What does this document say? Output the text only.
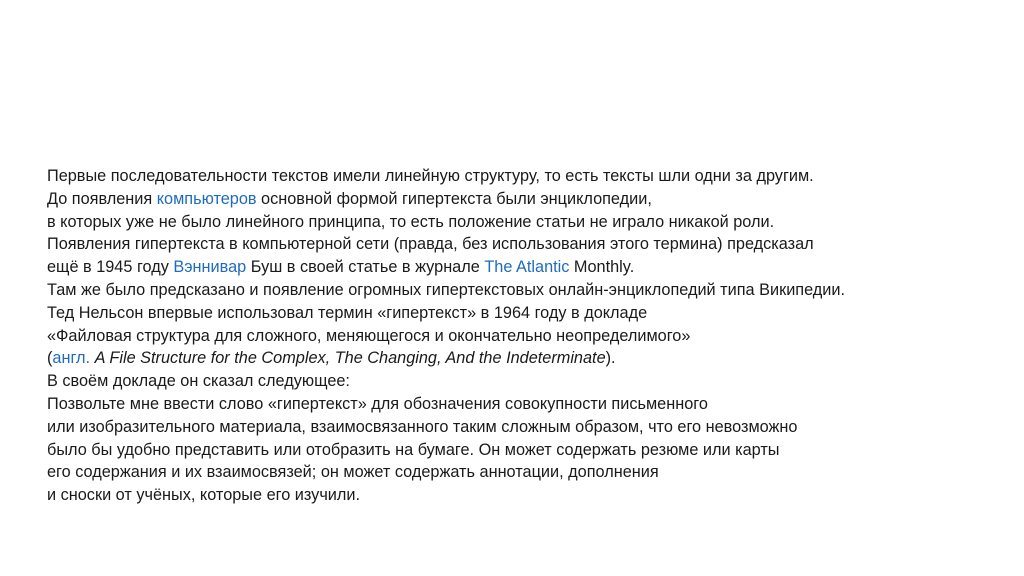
Первые последовательности текстов имели линейную структуру, то есть тексты шли одни за другим.
До появления компьютеров основной формой гипертекста были энциклопедии,
в которых уже не было линейного принципа, то есть положение статьи не играло никакой роли.
Появления гипертекста в компьютерной сети (правда, без использования этого термина) предсказал
ещё в 1945 году Вэннивар Буш в своей статье в журнале The Atlantic Monthly.
Там же было предсказано и появление огромных гипертекстовых онлайн-энциклопедий типа Википедии.
Тед Нельсон впервые использовал термин «гипертекст» в 1964 году в докладе
«Файловая структура для сложного, меняющегося и окончательно неопределимого»
(англ. A File Structure for the Complex, The Changing, And the Indeterminate).
В своём докладе он сказал следующее:
Позвольте мне ввести слово «гипертекст» для обозначения совокупности письменного
или изобразительного материала, взаимосвязанного таким сложным образом, что его невозможно
было бы удобно представить или отобразить на бумаге. Он может содержать резюме или карты
его содержания и их взаимосвязей; он может содержать аннотации, дополнения
и сноски от учёных, которые его изучили.
